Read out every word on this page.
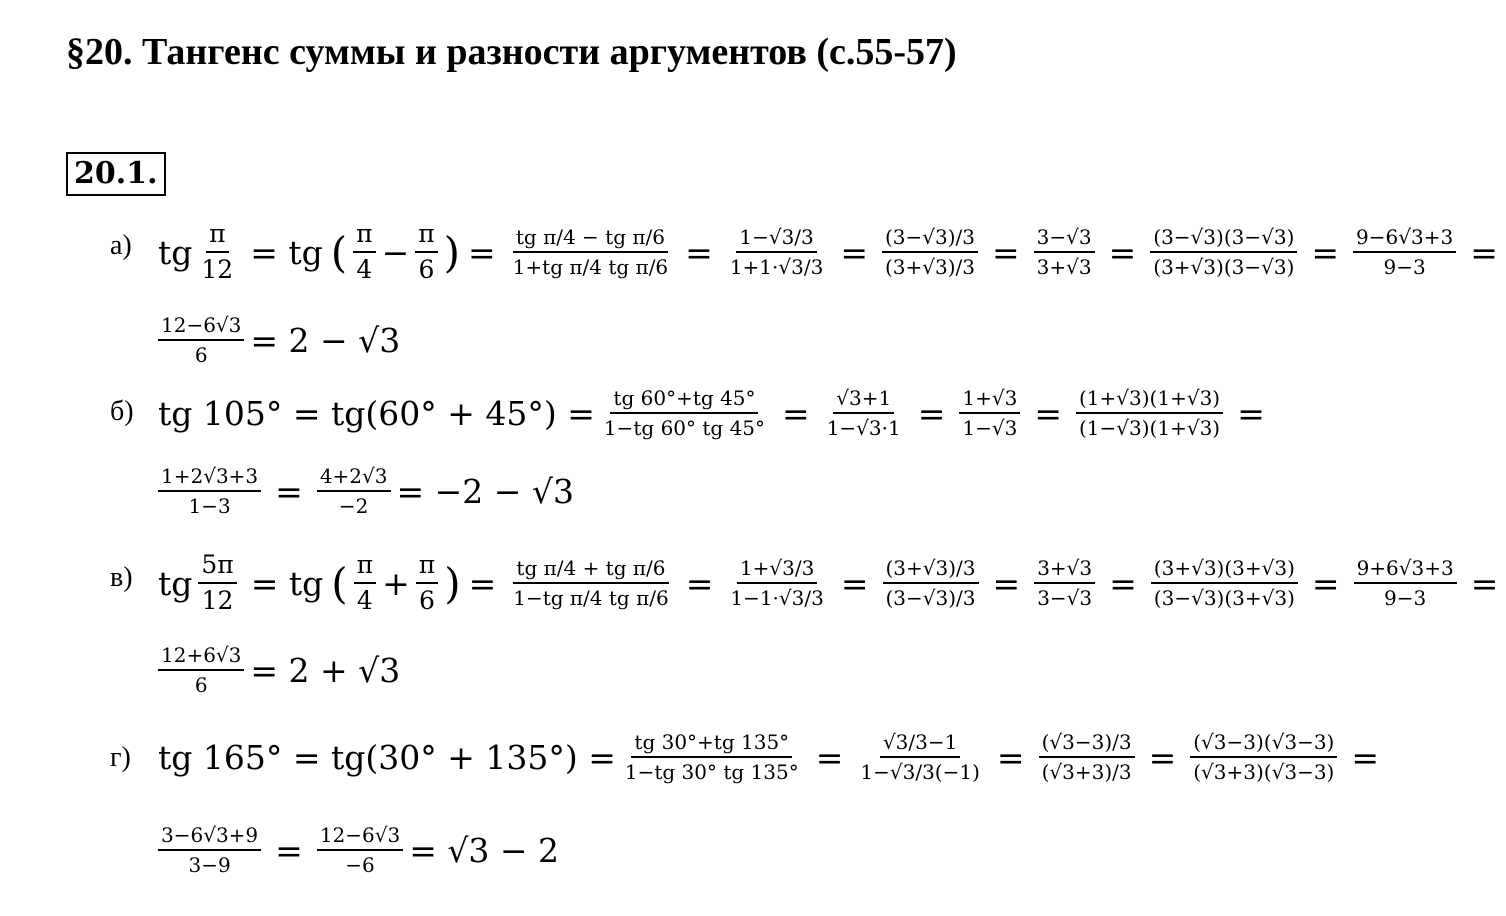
§20. Тангенс суммы и разности аргументов (с.55-57)
20.1.
а) tg $\frac{\pi}{12}$ = tg ( $\frac{\pi}{4} - \frac{\pi}{6}$ ) = $\frac{\text{tg π/4 − tg π/6}}{\text{1+tg π/4 tg π/6}} = \frac{1-√3/3}{1+1\cdot√3/3} = \frac{(3-√3)/3}{(3+√3)/3} = \frac{3-√3}{3+√3} = \frac{(3-√3)(3-√3)}{(3+√3)(3-√3)} = \frac{9-6√3+3}{9-3}$ =
$\frac{12-6√3}{6} = 2 - √3$
б) tg $105^\circ = tg(60^\circ + 45^\circ) = \frac{tg 60^\circ+tg 45^\circ}{1-tg 60^\circ tg 45^\circ} = \frac{√3+1}{1-√3\cdot 1} = \frac{1+√3}{1-√3} = \frac{(1+√3)(1+√3)}{(1-√3)(1+√3)}$ =
$\frac{1+2√3+3}{1-3} = \frac{4+2√3}{-2} = -2 - √3$
в) tg $\frac{5\pi}{12}$ = tg ( $\frac{\pi}{4} + \frac{\pi}{6}$ ) = $\frac{\text{tg π/4 + tg π/6}}{\text{1−tg π/4 tg π/6}} = \frac{1+√3/3}{1-1\cdot√3/3} = \frac{(3+√3)/3}{(3-√3)/3} = \frac{3+√3}{3-√3} = \frac{(3+√3)(3+√3)}{(3-√3)(3+√3)} = \frac{9+6√3+3}{9-3}$ =
$\frac{12+6√3}{6} = 2 + √3$
г) tg $165^\circ = tg(30^\circ + 135^\circ) = \frac{tg 30^\circ+tg 135^\circ}{1-tg 30^\circ tg 135^\circ} = \frac{√3/3-1}{1-√3/3(-1)} = \frac{(√3-3)/3}{(√3+3)/3} = \frac{(√3-3)(√3-3)}{(√3+3)(√3-3)}$ =
$\frac{3-6√3+9}{3-9} = \frac{12-6√3}{-6} = √3 - 2$
